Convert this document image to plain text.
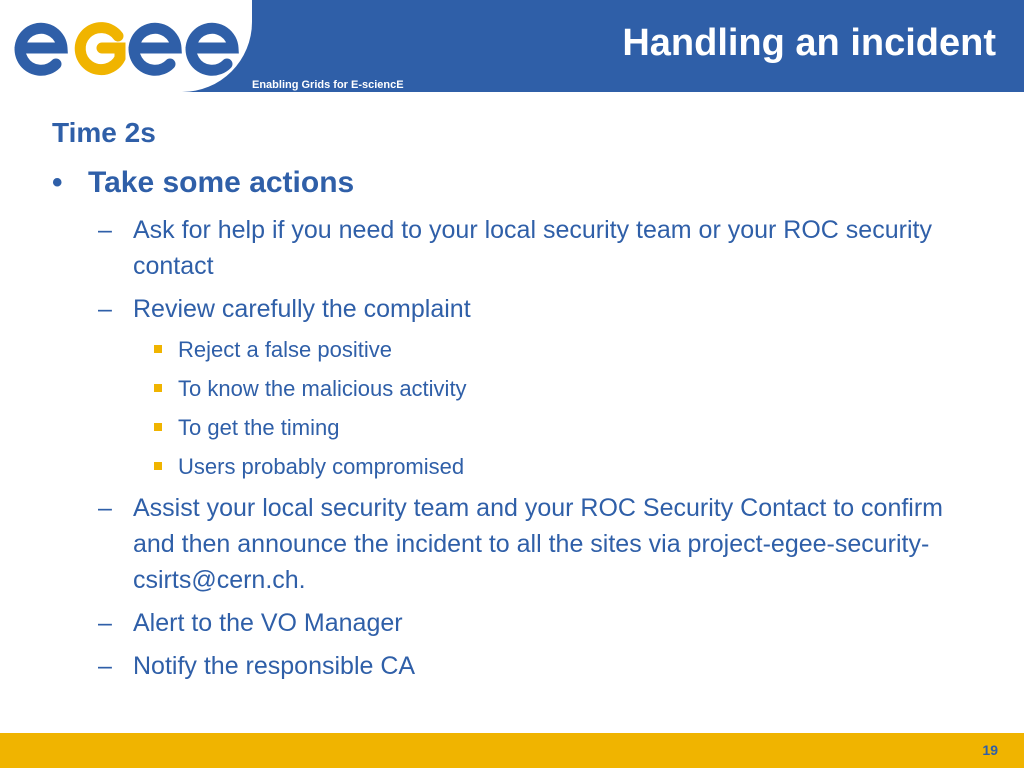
Enabling Grids for E-sciencE
Handling an incident
Time 2s
• Take some actions
– Ask for help if you need to your local security team or your ROC security contact
– Review carefully the complaint
Reject a false positive
To know the malicious activity
To get the timing
Users probably compromised
– Assist your local security team and your ROC Security Contact to confirm and then announce the incident to all the sites via project-egee-security-csirts@cern.ch.
– Alert to the VO Manager
– Notify the responsible CA
19
